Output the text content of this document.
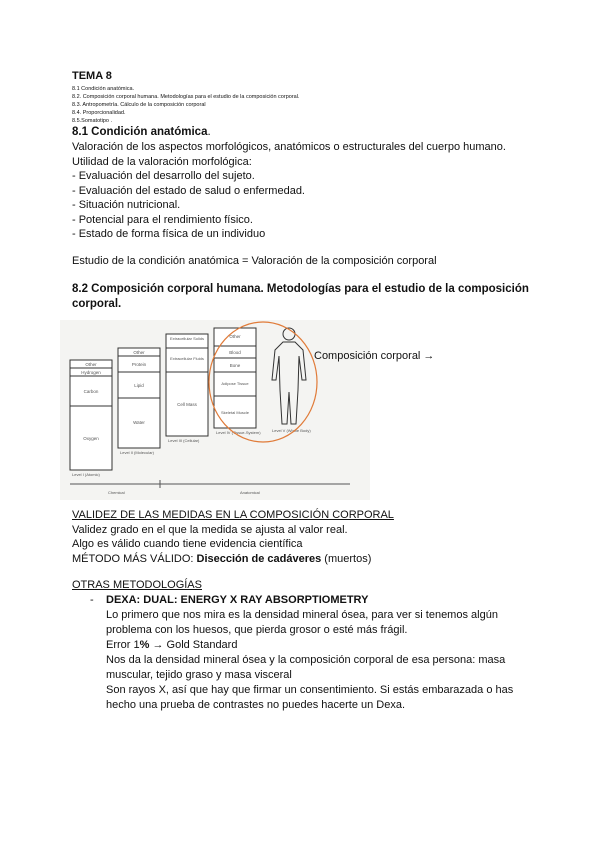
TEMA 8
8.1 Condición anatómica.
8.2. Composición corporal humana. Metodologías para el estudio de la composición corporal.
8.3. Antropometría. Cálculo de la composición corporal
8.4. Proporcionalidad.
8.5.Somatotipo .
8.1 Condición anatómica.

Valoración de los aspectos morfológicos, anatómicos o estructurales del cuerpo humano.

Utilidad de la valoración morfológica:

- Evaluación del desarrollo del sujeto.

- Evaluación del estado de salud o enfermedad.

- Situación nutricional.

- Potencial para el rendimiento físico.

- Estado de forma física de un individuo

Estudio de la condición anatómica = Valoración de la composición corporal

8.2 Composición corporal humana. Metodologías para el estudio de la composición corporal.

Other
Hydrogen
Carbon
Oxygen
Level I (Atomic)
Other
Protein
Lipid
Water
Level II (Molecular)
Extracellular Solids
Extracellular Fluids
Cell Mass
Level III (Cellular)
Other
Blood
Bone
Adipose Tissue
Skeletal Muscle
Level IV (Tissue-System)	Level V (Whole Body)
Chemical	Anatomical
Composición corporal →

VALIDEZ DE LAS MEDIDAS EN LA COMPOSICIÓN CORPORAL

Validez grado en el que la medida se ajusta al valor real.

Algo es válido cuando tiene evidencia científica

MÉTODO MÁS VÁLIDO: Disección de cadáveres (muertos)

OTRAS METODOLOGÍAS

-	DEXA: DUAL: ENERGY X RAY ABSORPTIOMETRY

Lo primero que nos mira es la densidad mineral ósea, para ver si tenemos algún

problema con los huesos, que pierda grosor o esté más frágil.

Error 1% → Gold Standard

Nos da la densidad mineral ósea y la composición corporal de esa persona: masa

muscular, tejido graso y masa visceral

Son rayos X, así que hay que firmar un consentimiento. Si estás embarazada o has

hecho una prueba de contrastes no puedes hacerte un Dexa.
